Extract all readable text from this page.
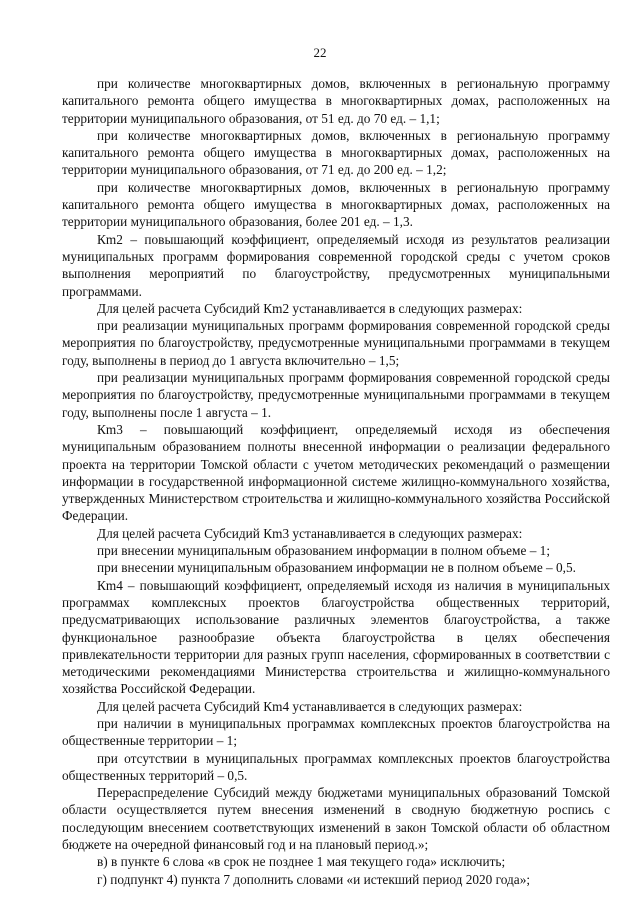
22

при количестве многоквартирных домов, включенных в региональную программу капитального ремонта общего имущества в многоквартирных домах, расположенных на территории муниципального образования, от 51 ед. до 70 ед. – 1,1;

при количестве многоквартирных домов, включенных в региональную программу капитального ремонта общего имущества в многоквартирных домах, расположенных на территории муниципального образования, от 71 ед. до 200 ед. – 1,2;

при количестве многоквартирных домов, включенных в региональную программу капитального ремонта общего имущества в многоквартирных домах, расположенных на территории муниципального образования, более 201 ед. – 1,3.

Кm2 – повышающий коэффициент, определяемый исходя из результатов реализации муниципальных программ формирования современной городской среды с учетом сроков выполнения мероприятий по благоустройству, предусмотренных муниципальными программами.

Для целей расчета Субсидий Кm2 устанавливается в следующих размерах:

при реализации муниципальных программ формирования современной городской среды мероприятия по благоустройству, предусмотренные муниципальными программами в текущем году, выполнены в период до 1 августа включительно – 1,5;

при реализации муниципальных программ формирования современной городской среды мероприятия по благоустройству, предусмотренные муниципальными программами в текущем году, выполнены после 1 августа – 1.

Кm3 – повышающий коэффициент, определяемый исходя из обеспечения муниципальным образованием полноты внесенной информации о реализации федерального проекта на территории Томской области с учетом методических рекомендаций о размещении информации в государственной информационной системе жилищно-коммунального хозяйства, утвержденных Министерством строительства и жилищно-коммунального хозяйства Российской Федерации.

Для целей расчета Субсидий Кm3 устанавливается в следующих размерах:

при внесении муниципальным образованием информации в полном объеме – 1;

при внесении муниципальным образованием информации не в полном объеме – 0,5.

Кm4 – повышающий коэффициент, определяемый исходя из наличия в муниципальных программах комплексных проектов благоустройства общественных территорий, предусматривающих использование различных элементов благоустройства, а также функциональное разнообразие объекта благоустройства в целях обеспечения привлекательности территории для разных групп населения, сформированных в соответствии с методическими рекомендациями Министерства строительства и жилищно-коммунального хозяйства Российской Федерации.

Для целей расчета Субсидий Кm4 устанавливается в следующих размерах:

при наличии в муниципальных программах комплексных проектов благоустройства на общественные территории – 1;

при отсутствии в муниципальных программах комплексных проектов благоустройства общественных территорий – 0,5.

Перераспределение Субсидий между бюджетами муниципальных образований Томской области осуществляется путем внесения изменений в сводную бюджетную роспись с последующим внесением соответствующих изменений в закон Томской области об областном бюджете на очередной финансовый год и на плановый период.»;

в) в пункте 6 слова «в срок не позднее 1 мая текущего года» исключить;

г) подпункт 4) пункта 7 дополнить словами «и истекший период 2020 года»;
